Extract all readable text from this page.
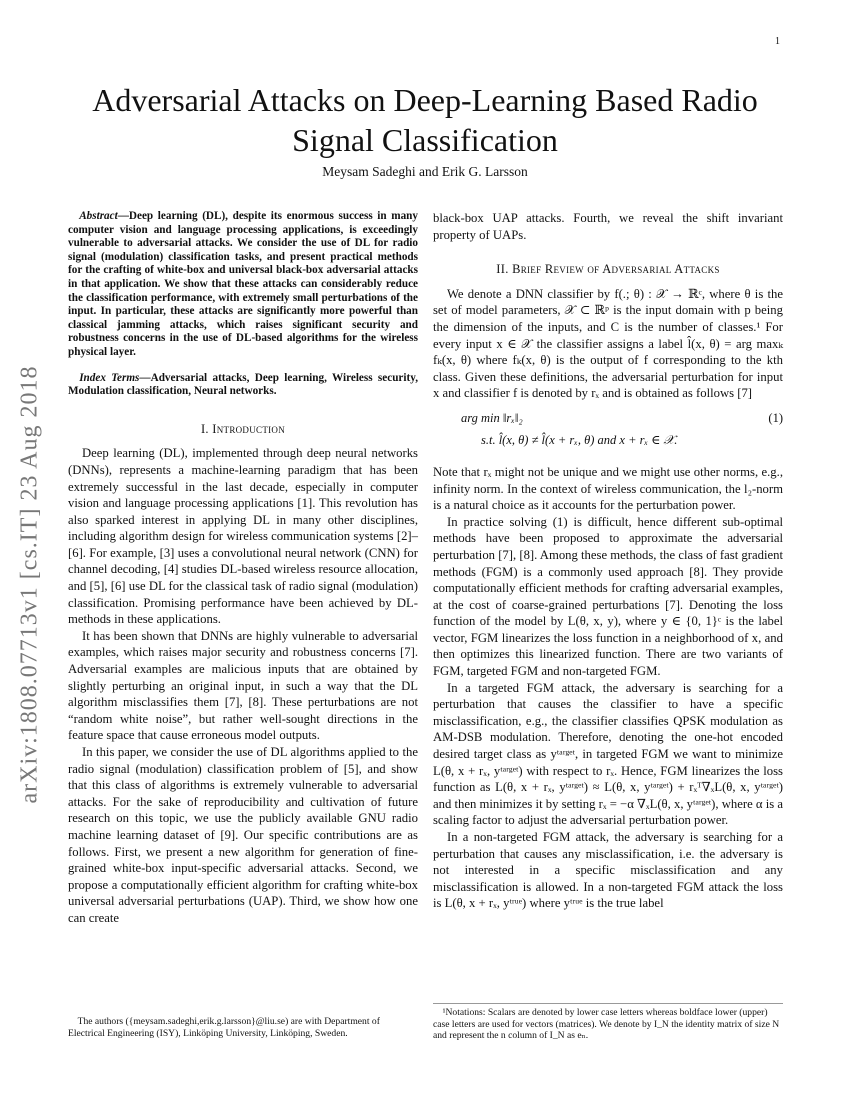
1
arXiv:1808.07713v1 [cs.IT] 23 Aug 2018
Adversarial Attacks on Deep-Learning Based Radio Signal Classification
Meysam Sadeghi and Erik G. Larsson

Abstract—Deep learning (DL), despite its enormous success in many computer vision and language processing applications, is exceedingly vulnerable to adversarial attacks. We consider the use of DL for radio signal (modulation) classification tasks, and present practical methods for the crafting of white-box and universal black-box adversarial attacks in that application. We show that these attacks can considerably reduce the classification performance, with extremely small perturbations of the input. In particular, these attacks are significantly more powerful than classical jamming attacks, which raises significant security and robustness concerns in the use of DL-based algorithms for the wireless physical layer.

Index Terms—Adversarial attacks, Deep learning, Wireless security, Modulation classification, Neural networks.

I. Introduction

Deep learning (DL), implemented through deep neural networks (DNNs), represents a machine-learning paradigm that has been extremely successful in the last decade, especially in computer vision and language processing applications [1]. This revolution has also sparked interest in applying DL in many other disciplines, including algorithm design for wireless communication systems [2]–[6]. For example, [3] uses a convolutional neural network (CNN) for channel decoding, [4] studies DL-based wireless resource allocation, and [5], [6] use DL for the classical task of radio signal (modulation) classification. Promising performance have been achieved by DL-methods in these applications.

It has been shown that DNNs are highly vulnerable to adversarial examples, which raises major security and robustness concerns [7]. Adversarial examples are malicious inputs that are obtained by slightly perturbing an original input, in such a way that the DL algorithm misclassifies them [7], [8]. These perturbations are not “random white noise”, but rather well-sought directions in the feature space that cause erroneous model outputs.

In this paper, we consider the use of DL algorithms applied to the radio signal (modulation) classification problem of [5], and show that this class of algorithms is extremely vulnerable to adversarial attacks. For the sake of reproducibility and cultivation of future research on this topic, we use the publicly available GNU radio machine learning dataset of [9]. Our specific contributions are as follows. First, we present a new algorithm for generation of fine-grained white-box input-specific adversarial attacks. Second, we propose a computationally efficient algorithm for crafting white-box universal adversarial perturbations (UAP). Third, we show how one can create

black-box UAP attacks. Fourth, we reveal the shift invariant property of UAPs.

II. Brief Review of Adversarial Attacks

We denote a DNN classifier by f(.; θ) : 𝒳 → ℝᶜ, where θ is the set of model parameters, 𝒳 ⊂ ℝᵖ is the input domain with p being the dimension of the inputs, and C is the number of classes.¹ For every input x ∈ 𝒳 the classifier assigns a label l̂(x, θ) = arg maxₖ fₖ(x, θ) where fₖ(x, θ) is the output of f corresponding to the kth class. Given these definitions, the adversarial perturbation for input x and classifier f is denoted by rₓ and is obtained as follows [7]

arg min ‖rₓ‖₂
s.t. l̂(x, θ) ≠ l̂(x + rₓ, θ) and x + rₓ ∈ 𝒳.
(1)

Note that rₓ might not be unique and we might use other norms, e.g., infinity norm. In the context of wireless communication, the l₂-norm is a natural choice as it accounts for the perturbation power.

In practice solving (1) is difficult, hence different sub-optimal methods have been proposed to approximate the adversarial perturbation [7], [8]. Among these methods, the class of fast gradient methods (FGM) is a commonly used approach [8]. They provide computationally efficient methods for crafting adversarial examples, at the cost of coarse-grained perturbations [7]. Denoting the loss function of the model by L(θ, x, y), where y ∈ {0, 1}ᶜ is the label vector, FGM linearizes the loss function in a neighborhood of x, and then optimizes this linearized function. There are two variants of FGM, targeted FGM and non-targeted FGM.

In a targeted FGM attack, the adversary is searching for a perturbation that causes the classifier to have a specific misclassification, e.g., the classifier classifies QPSK modulation as AM-DSB modulation. Therefore, denoting the one-hot encoded desired target class as yᵗᵃʳᵍᵉᵗ, in targeted FGM we want to minimize L(θ, x + rₓ, yᵗᵃʳᵍᵉᵗ) with respect to rₓ. Hence, FGM linearizes the loss function as L(θ, x + rₓ, yᵗᵃʳᵍᵉᵗ) ≈ L(θ, x, yᵗᵃʳᵍᵉᵗ) + rₓᵀ∇ₓL(θ, x, yᵗᵃʳᵍᵉᵗ) and then minimizes it by setting rₓ = −α ∇ₓL(θ, x, yᵗᵃʳᵍᵉᵗ), where α is a scaling factor to adjust the adversarial perturbation power.

In a non-targeted FGM attack, the adversary is searching for a perturbation that causes any misclassification, i.e. the adversary is not interested in a specific misclassification and any misclassification is allowed. In a non-targeted FGM attack the loss is L(θ, x + rₓ, yᵗʳᵘᵉ) where yᵗʳᵘᵉ is the true label

The authors ({meysam.sadeghi,erik.g.larsson}@liu.se) are with Department of Electrical Engineering (ISY), Linköping University, Linköping, Sweden.
¹Notations: Scalars are denoted by lower case letters whereas boldface lower (upper) case letters are used for vectors (matrices). We denote by I_N the identity matrix of size N and represent the n column of I_N as eₙ.
